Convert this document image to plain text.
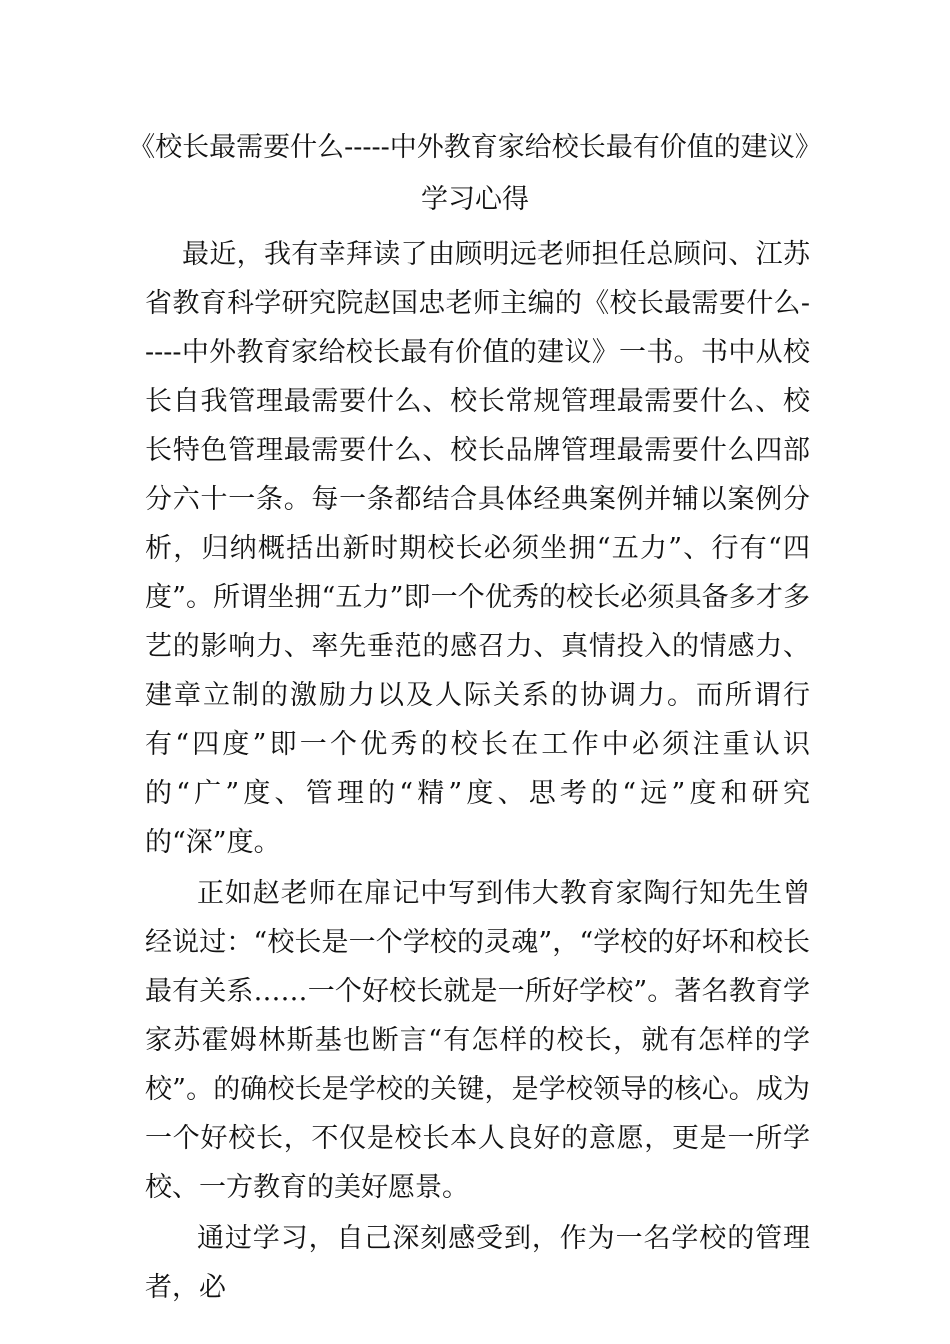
《校长最需要什么-----中外教育家给校长最有价值的建议》
学习心得

最近，我有幸拜读了由顾明远老师担任总顾问、江苏省教育科学研究院赵国忠老师主编的《校长最需要什么-----中外教育家给校长最有价值的建议》一书。书中从校长自我管理最需要什么、校长常规管理最需要什么、校长特色管理最需要什么、校长品牌管理最需要什么四部分六十一条。每一条都结合具体经典案例并辅以案例分析，归纳概括出新时期校长必须坐拥“五力”、行有“四度”。所谓坐拥“五力”即一个优秀的校长必须具备多才多艺的影响力、率先垂范的感召力、真情投入的情感力、建章立制的激励力以及人际关系的协调力。而所谓行有“四度”即一个优秀的校长在工作中必须注重认识的“广”度、管理的“精”度、思考的“远”度和研究的“深”度。

正如赵老师在扉记中写到伟大教育家陶行知先生曾经说过：“校长是一个学校的灵魂”，“学校的好坏和校长最有关系……一个好校长就是一所好学校”。著名教育学家苏霍姆林斯基也断言“有怎样的校长，就有怎样的学校”。的确校长是学校的关键，是学校领导的核心。成为一个好校长，不仅是校长本人良好的意愿，更是一所学校、一方教育的美好愿景。

通过学习，自己深刻感受到，作为一名学校的管理者，必
